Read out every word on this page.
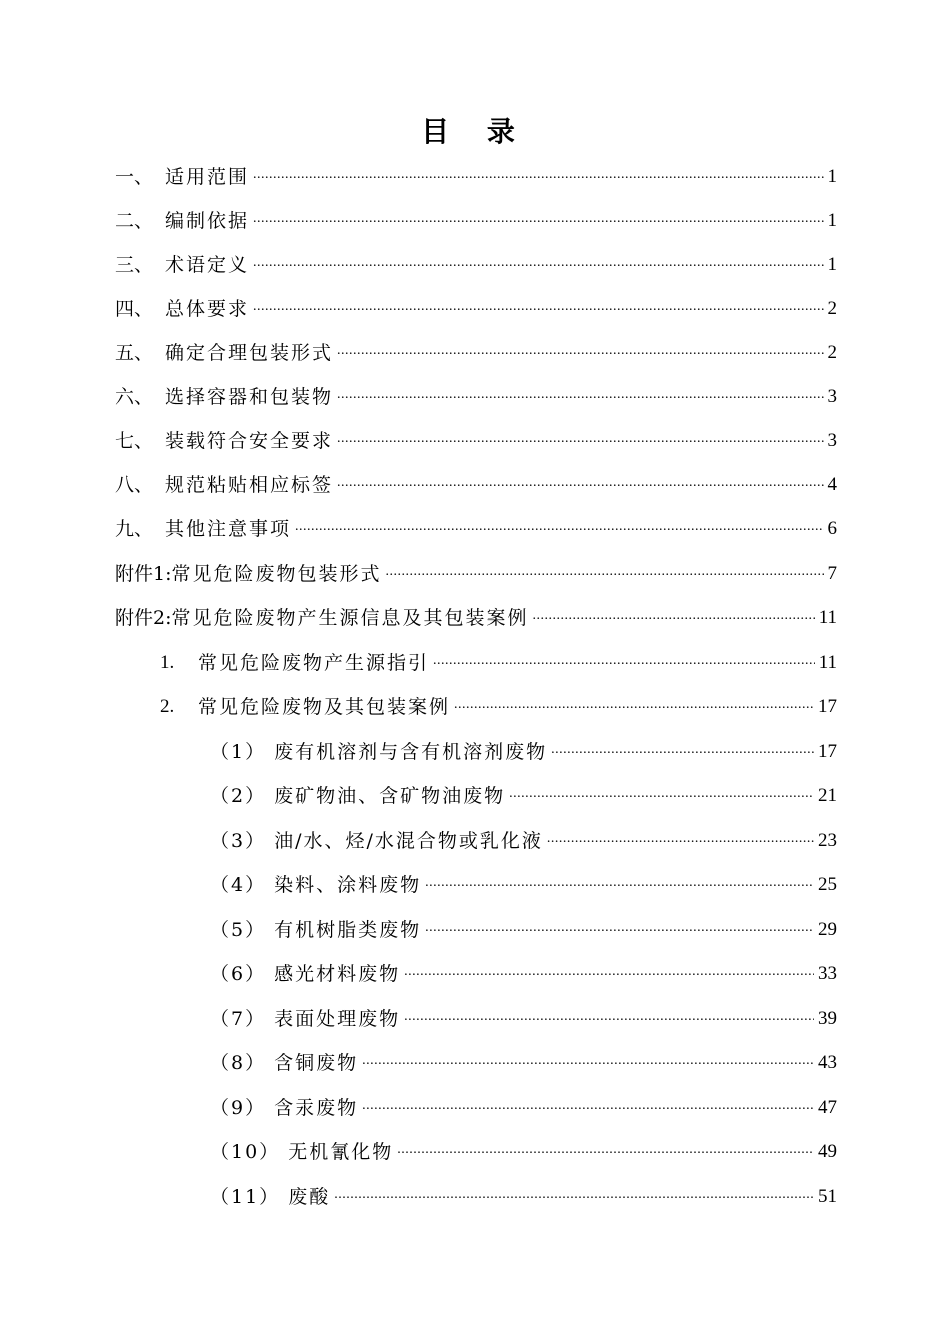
目 录
一、 适用范围 .....	1
二、 编制依据 .....	1
三、 术语定义 .....	1
四、 总体要求 .....	2
五、 确定合理包装形式 .....	2
六、 选择容器和包装物 .....	3
七、 装载符合安全要求 .....	3
八、 规范粘贴相应标签 .....	4
九、 其他注意事项 .....	6
附件1: 常见危险废物包装形式 .....	7
附件2: 常见危险废物产生源信息及其包装案例 .....	11
1.	常见危险废物产生源指引 .....	11
2.	常见危险废物及其包装案例 .....	17
（1） 废有机溶剂与含有机溶剂废物 .....	17
（2） 废矿物油、含矿物油废物 .....	21
（3） 油/水、烃/水混合物或乳化液 .....	23
（4） 染料、涂料废物 .....	25
（5） 有机树脂类废物 .....	29
（6） 感光材料废物 .....	33
（7） 表面处理废物 .....	39
（8） 含铜废物 .....	43
（9） 含汞废物 .....	47
（10） 无机氰化物 .....	49
（11） 废酸 .....	51
